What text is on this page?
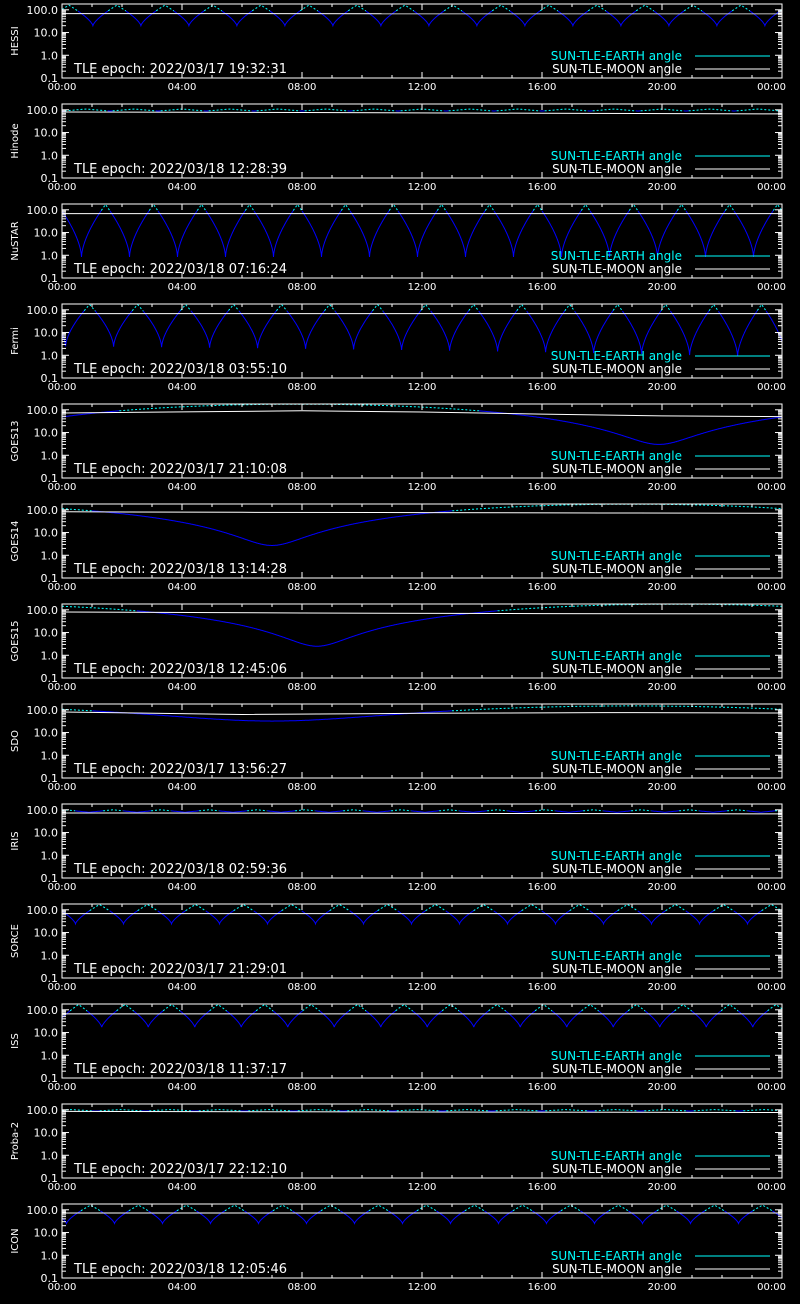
100.0
10.0
1.0
0.1
00:00	04:00	08:00	12:00	16:00	20:00	00:00
HESSI
TLE epoch: 2022/03/17 19:32:31
SUN-TLE-EARTH angle
SUN-TLE-MOON angle
100.0
10.0
1.0
0.1
00:00	04:00	08:00	12:00	16:00	20:00	00:00
Hinode
TLE epoch: 2022/03/18 12:28:39
SUN-TLE-EARTH angle
SUN-TLE-MOON angle
100.0
10.0
1.0
0.1
00:00	04:00	08:00	12:00	16:00	20:00	00:00
NuSTAR
TLE epoch: 2022/03/18 07:16:24
SUN-TLE-EARTH angle
SUN-TLE-MOON angle
100.0
10.0
1.0
0.1
00:00	04:00	08:00	12:00	16:00	20:00	00:00
Fermi
TLE epoch: 2022/03/18 03:55:10
SUN-TLE-EARTH angle
SUN-TLE-MOON angle
100.0
10.0
1.0
0.1
00:00	04:00	08:00	12:00	16:00	20:00	00:00
GOES13
TLE epoch: 2022/03/17 21:10:08
SUN-TLE-EARTH angle
SUN-TLE-MOON angle
100.0
10.0
1.0
0.1
00:00	04:00	08:00	12:00	16:00	20:00	00:00
GOES14
TLE epoch: 2022/03/18 13:14:28
SUN-TLE-EARTH angle
SUN-TLE-MOON angle
100.0
10.0
1.0
0.1
00:00	04:00	08:00	12:00	16:00	20:00	00:00
GOES15
TLE epoch: 2022/03/18 12:45:06
SUN-TLE-EARTH angle
SUN-TLE-MOON angle
100.0
10.0
1.0
0.1
00:00	04:00	08:00	12:00	16:00	20:00	00:00
SDO
TLE epoch: 2022/03/17 13:56:27
SUN-TLE-EARTH angle
SUN-TLE-MOON angle
100.0
10.0
1.0
0.1
00:00	04:00	08:00	12:00	16:00	20:00	00:00
IRIS
TLE epoch: 2022/03/18 02:59:36
SUN-TLE-EARTH angle
SUN-TLE-MOON angle
100.0
10.0
1.0
0.1
00:00	04:00	08:00	12:00	16:00	20:00	00:00
SORCE
TLE epoch: 2022/03/17 21:29:01
SUN-TLE-EARTH angle
SUN-TLE-MOON angle
100.0
10.0
1.0
0.1
00:00	04:00	08:00	12:00	16:00	20:00	00:00
ISS
TLE epoch: 2022/03/18 11:37:17
SUN-TLE-EARTH angle
SUN-TLE-MOON angle
100.0
10.0
1.0
0.1
00:00	04:00	08:00	12:00	16:00	20:00	00:00
Proba-2
TLE epoch: 2022/03/17 22:12:10
SUN-TLE-EARTH angle
SUN-TLE-MOON angle
100.0
10.0
1.0
0.1
00:00	04:00	08:00	12:00	16:00	20:00	00:00
ICON
TLE epoch: 2022/03/18 12:05:46
SUN-TLE-EARTH angle
SUN-TLE-MOON angle
